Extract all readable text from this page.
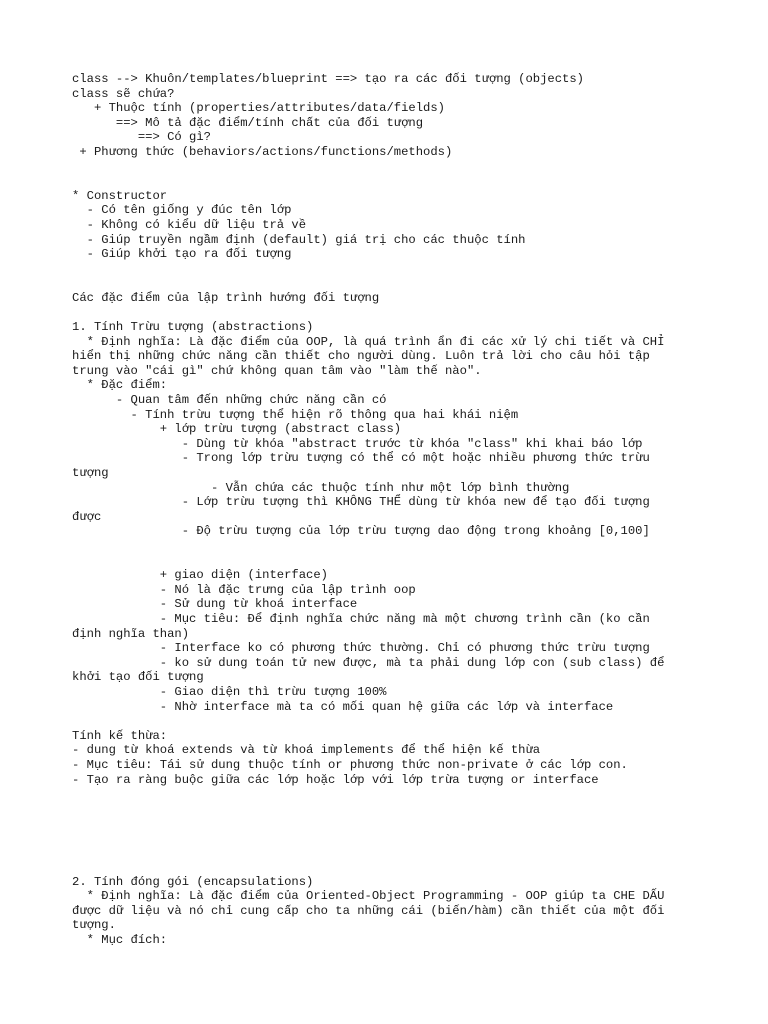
class --> Khuôn/templates/blueprint ==> tạo ra các đối tượng (objects)
class sẽ chứa?
+ Thuộc tính (properties/attributes/data/fields)
==> Mô tả đặc điểm/tính chất của đối tượng
==> Có gì?
+ Phương thức (behaviors/actions/functions/methods)
* Constructor
- Có tên giống y đúc tên lớp
- Không có kiểu dữ liệu trả về
- Giúp truyền ngầm định (default) giá trị cho các thuộc tính
- Giúp khởi tạo ra đối tượng
Các đặc điểm của lập trình hướng đối tượng
1. Tính Trừu tượng (abstractions)
* Định nghĩa: Là đặc điểm của OOP, là quá trình ẩn đi các xử lý chi tiết và CHỈ
hiển thị những chức năng cần thiết cho người dùng. Luôn trả lời cho câu hỏi tập
trung vào "cái gì" chứ không quan tâm vào "làm thế nào".
* Đặc điểm:
- Quan tâm đến những chức năng cần có
- Tính trừu tượng thể hiện rõ thông qua hai khái niệm
+ lớp trừu tượng (abstract class)
- Dùng từ khóa "abstract trước từ khóa "class" khi khai báo lớp
- Trong lớp trừu tượng có thể có một hoặc nhiều phương thức trừu
tượng
- Vẫn chứa các thuộc tính như một lớp bình thường
- Lớp trừu tượng thì KHÔNG THỂ dùng từ khóa new để tạo đối tượng
được
- Độ trừu tượng của lớp trừu tượng dao động trong khoảng [0,100]
+ giao diện (interface)
- Nó là đặc trưng của lập trình oop
- Sử dung từ khoá interface
- Mục tiêu: Để định nghĩa chức năng mà một chương trình cần (ko cần
định nghĩa than)
- Interface ko có phương thức thường. Chỉ có phương thức trừu tượng
- ko sử dung toán tử new được, mà ta phải dung lớp con (sub class) để
khởi tạo đối tượng
- Giao diện thì trừu tượng 100%
- Nhờ interface mà ta có mối quan hệ giữa các lớp và interface
Tính kế thừa:
- dung từ khoá extends và từ khoá implements để thể hiện kế thừa
- Mục tiêu: Tái sử dung thuộc tính or phương thức non-private ở các lớp con.
- Tạo ra ràng buộc giữa các lớp hoặc lớp với lớp trừa tượng or interface
2. Tính đóng gói (encapsulations)
* Định nghĩa: Là đặc điểm của Oriented-Object Programming - OOP giúp ta CHE DẤU
được dữ liệu và nó chỉ cung cấp cho ta những cái (biến/hàm) cần thiết của một đối
tượng.
* Mục đích:
